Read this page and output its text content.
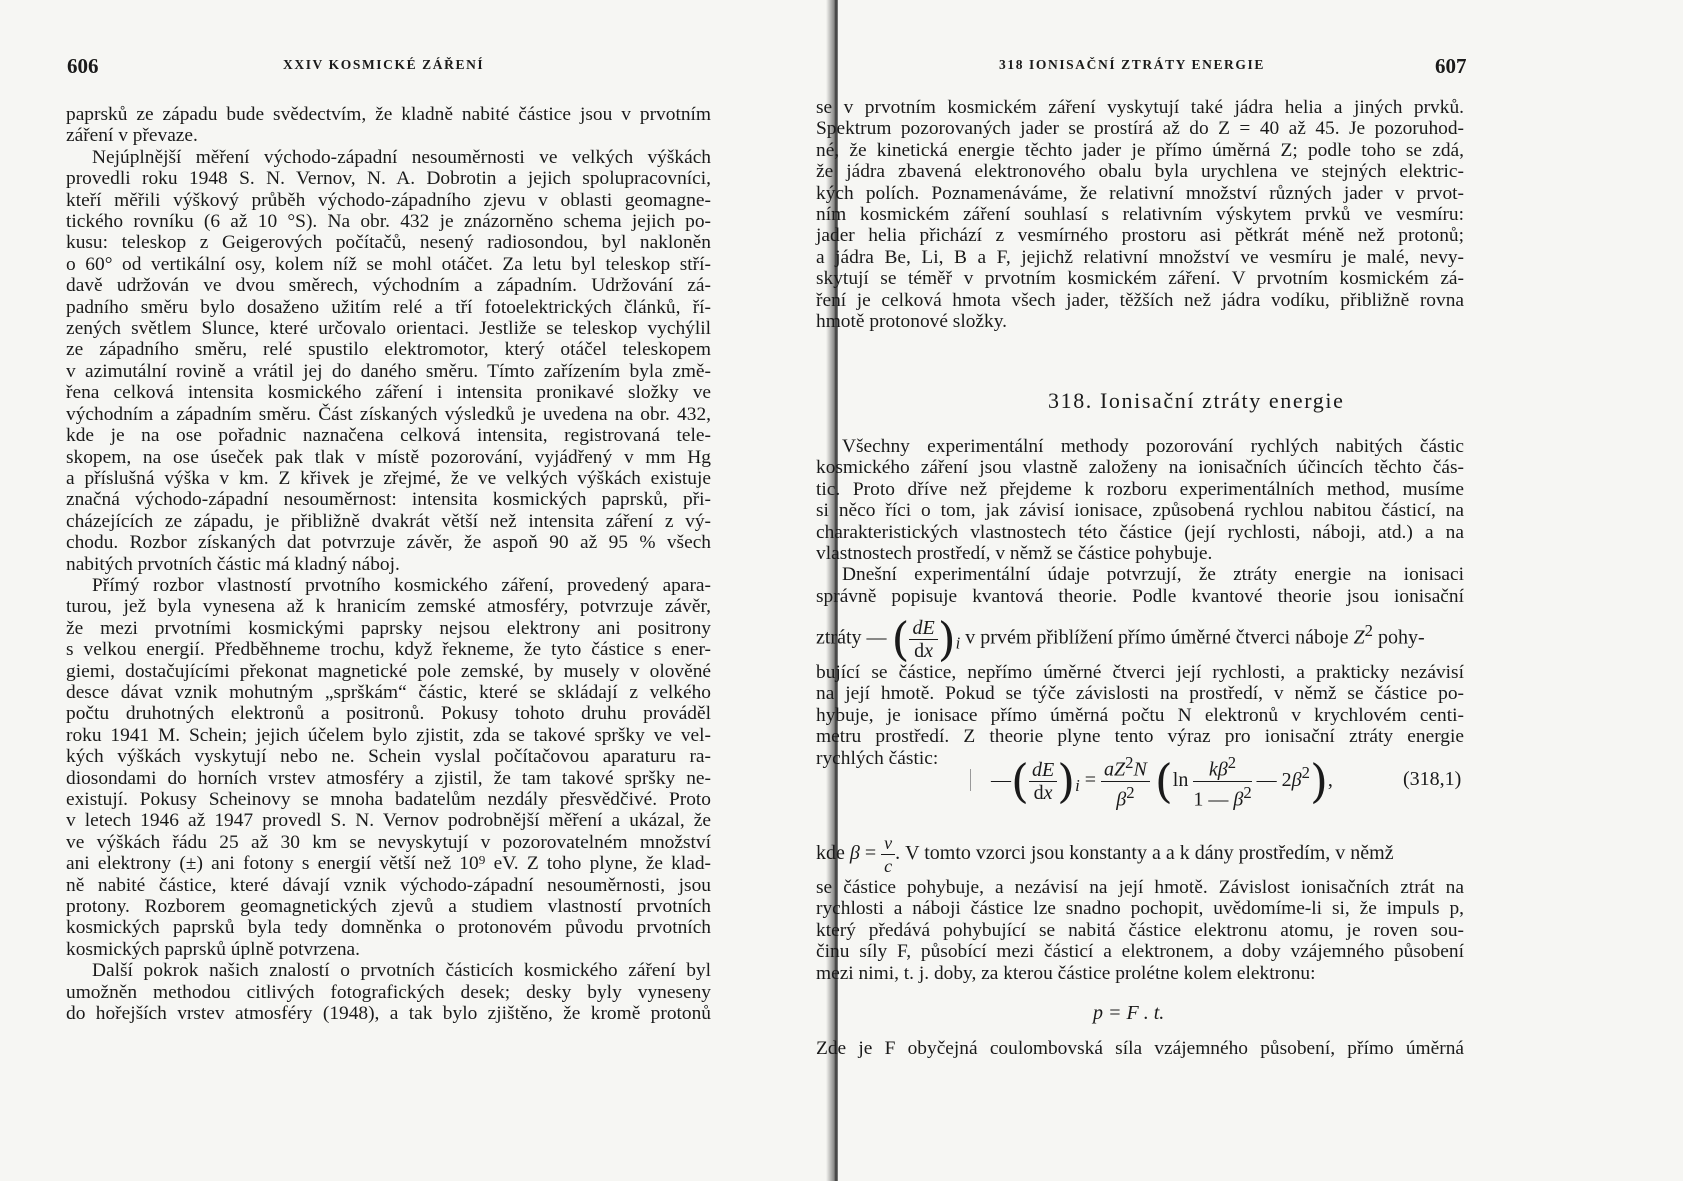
606	XXIV KOSMICKÉ ZÁŘENÍ
paprsků ze západu bude svědectvím, že kladně nabité částice jsou v prvotním
záření v převaze.
Nejúplnější měření východo-západní nesouměrnosti ve velkých výškách
provedli roku 1948 S. N. Vernov, N. A. Dobrotin a jejich spolupracovníci,
kteří měřili výškový průběh východo-západního zjevu v oblasti geomagne-
tického rovníku (6 až 10 °S). Na obr. 432 je znázorněno schema jejich po-
kusu: teleskop z Geigerových počítačů, nesený radiosondou, byl nakloněn
o 60° od vertikální osy, kolem níž se mohl otáčet. Za letu byl teleskop stří-
davě udržován ve dvou směrech, východním a západním. Udržování zá-
padního směru bylo dosaženo užitím relé a tří fotoelektrických článků, ří-
zených světlem Slunce, které určovalo orientaci. Jestliže se teleskop vychýlil
ze západního směru, relé spustilo elektromotor, který otáčel teleskopem
v azimutální rovině a vrátil jej do daného směru. Tímto zařízením byla změ-
řena celková intensita kosmického záření i intensita pronikavé složky ve
východním a západním směru. Část získaných výsledků je uvedena na obr. 432,
kde je na ose pořadnic naznačena celková intensita, registrovaná tele-
skopem, na ose úseček pak tlak v místě pozorování, vyjádřený v mm Hg
a příslušná výška v km. Z křivek je zřejmé, že ve velkých výškách existuje
značná východo-západní nesouměrnost: intensita kosmických paprsků, při-
cházejících ze západu, je přibližně dvakrát větší než intensita záření z vý-
chodu. Rozbor získaných dat potvrzuje závěr, že aspoň 90 až 95 % všech
nabitých prvotních částic má kladný náboj.
Přímý rozbor vlastností prvotního kosmického záření, provedený apara-
turou, jež byla vynesena až k hranicím zemské atmosféry, potvrzuje závěr,
že mezi prvotními kosmickými paprsky nejsou elektrony ani positrony
s velkou energií. Předběhneme trochu, když řekneme, že tyto částice s ener-
giemi, dostačujícími překonat magnetické pole zemské, by musely v olověné
desce dávat vznik mohutným „sprškám“ částic, které se skládají z velkého
počtu druhotných elektronů a positronů. Pokusy tohoto druhu prováděl
roku 1941 M. Schein; jejich účelem bylo zjistit, zda se takové spršky ve vel-
kých výškách vyskytují nebo ne. Schein vyslal počítačovou aparaturu ra-
diosondami do horních vrstev atmosféry a zjistil, že tam takové spršky ne-
existují. Pokusy Scheinovy se mnoha badatelům nezdály přesvědčivé. Proto
v letech 1946 až 1947 provedl S. N. Vernov podrobnější měření a ukázal, že
ve výškách řádu 25 až 30 km se nevyskytují v pozorovatelném množství
ani elektrony (±) ani fotony s energií větší než 10⁹ eV. Z toho plyne, že klad-
ně nabité částice, které dávají vznik východo-západní nesouměrnosti, jsou
protony. Rozborem geomagnetických zjevů a studiem vlastností prvotních
kosmických paprsků byla tedy domněnka o protonovém původu prvotních
kosmických paprsků úplně potvrzena.
Další pokrok našich znalostí o prvotních částicích kosmického záření byl
umožněn methodou citlivých fotografických desek; desky byly vyneseny
do hořejších vrstev atmosféry (1948), a tak bylo zjištěno, že kromě protonů
318 IONISAČNÍ ZTRÁTY ENERGIE	607
se v prvotním kosmickém záření vyskytují také jádra helia a jiných prvků.
Spektrum pozorovaných jader se prostírá až do Z = 40 až 45. Je pozoruhod-
né, že kinetická energie těchto jader je přímo úměrná Z; podle toho se zdá,
že jádra zbavená elektronového obalu byla urychlena ve stejných elektric-
kých polích. Poznamenáváme, že relativní množství různých jader v prvot-
ním kosmickém záření souhlasí s relativním výskytem prvků ve vesmíru:
jader helia přichází z vesmírného prostoru asi pětkrát méně než protonů;
a jádra Be, Li, B a F, jejichž relativní množství ve vesmíru je malé, nevy-
skytují se téměř v prvotním kosmickém záření. V prvotním kosmickém zá-
ření je celková hmota všech jader, těžších než jádra vodíku, přibližně rovna
hmotě protonové složky.
Všechny experimentální methody pozorování rychlých nabitých částic
kosmického záření jsou vlastně založeny na ionisačních účincích těchto čás-
tic. Proto dříve než přejdeme k rozboru experimentálních method, musíme
si něco říci o tom, jak závisí ionisace, způsobená rychlou nabitou částicí, na
charakteristických vlastnostech této částice (její rychlosti, náboji, atd.) a na
vlastnostech prostředí, v němž se částice pohybuje.
Dnešní experimentální údaje potvrzují, že ztráty energie na ionisaci
správně popisuje kvantová theorie. Podle kvantové theorie jsou ionisační
ztráty — ( $\frac{dE}{dx} )_i$ v prvém přiblížení přímo úměrné čtverci náboje $Z^2$ pohy-
bující se částice, nepřímo úměrné čtverci její rychlosti, a prakticky nezávisí
na její hmotě. Pokud se týče závislosti na prostředí, v němž se částice po-
hybuje, je ionisace přímo úměrná počtu N elektronů v krychlovém centi-
metru prostředí. Z theorie plyne tento výraz pro ionisační ztráty energie
rychlých částic:
—( $\frac{dE}{dx} )_i = \frac{aZ^2N}{\beta^2} (\ln \frac{k\beta^2}{1 — \beta^2}$ — $2\beta^2$),	(318,1)
kde $\beta = \frac{v}{c}$ . V tomto vzorci jsou konstanty a a k dány prostředím, v němž
se částice pohybuje, a nezávisí na její hmotě. Závislost ionisačních ztrát na
rychlosti a náboji částice lze snadno pochopit, uvědomíme-li si, že impuls p,
který předává pohybující se nabitá částice elektronu atomu, je roven sou-
činu síly F, působící mezi částicí a elektronem, a doby vzájemného působení
mezi nimi, t. j. doby, za kterou částice prolétne kolem elektronu:
p = F . t.
Zde je F obyčejná coulombovská síla vzájemného působení, přímo úměrná
318. Ionisační ztráty energie
